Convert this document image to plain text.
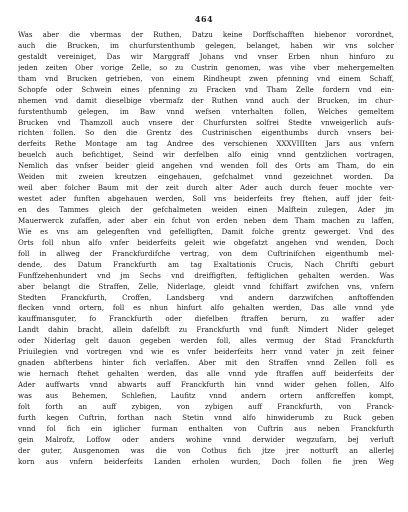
464
Was aber die vbermas der Ruthen, Datzu keine Dorffschafften hiebenor vorordnet,
auch die Brucken, im churfurstenthumb gelegen, belanget, haben wir vns solcher
gestaldt vereiniget, Das wir Marggraff Johans vnd vnser Erben nhun hinfuro zu
jeden zeiten Ober vorige Zelle, so zu Custrin genomen, was vihe vber mehergemelten
tham vnd Brucken getrieben, von einem Rindheupt zwen pfenning vnd einem Schaff,
Schopfe oder Schwein eines pfenning zu Fracken vnd Tham Zelle fordern vnd ein-
nhemen vnd damit dieselbige vbermafz der Ruthen vnnd auch der Brucken, im chur-
furstenthumb gelegen, im Baw vnnd wefsen vnterhalten follen, Welches gemeltem
Brucken vnd Thamzoll auch vnsere der Churfursten solfrei Stedte vnweigerlich aufs-
richten follen. So den die Grentz des Custrinischen eigenthumbs durch vnsers bei-
derfeits Rethe Montage am tag Andree des verschienen XXXVIIIten Jars aus vnfern
beuelch auch befichtiget, Seind wir derfelben alfo einig vnnd gentzlichen vortragen,
Nemlich das vnfser beider gleid angehen vnd wenden foll des Orts am Tham, do ein
Weiden mit zweien kreutzen eingehauen, gefchalmet vnnd gezeichnet worden. Da
weil aber folcher Baum mit der zeit durch alter Ader auch durch feuer mochte ver-
westet ader funften abgehauen werden, Soll vns beiderfeits frey ftehen, auff jder feit-
en des Tammes gleich der gefchalmeten weiden einen Malftein zulegen, Ader jm
Mauerwerck zufaffen, ader aber ein fchut von erden neben dem Tham machen zu laffen,
Wie es vns am gelegenften vnd gefelligften, Damit folche grentz gewerget. Vnd des
Orts foll nhun alfo vnfer beiderfeits geleit wie obgefatzt angehen vnd wenden, Doch
foll in allweg der Franckfurdifche vertrag, von dem Cuftrinifchen eigenthumb mel-
dende, des Datum Franckfurth am tag Exaltationis Crucis, Nach Chrifti geburt
Funffzehenhundert vnd jm Sechs vnd dreiffigften, feftiglichen gehalten werden. Was
aber belangt die Straffen, Zelle, Niderlage, gleidt vnnd fchiffart zwifchen vns, vnfern
Stedten Franckfurth, Croffen, Landsberg vnd andern darzwifchen anftoffenden
flecken vnnd ortern, foll es nhun hinfurt alfo gehalten werden, Das alle vnnd yde
kauffmansguter, fo Franckfurth oder diefelben ftraffen berurn, zu waffer ader
Landt dahin bracht, allein dafelbft zu Franckfurth vnd funft Nimdert Nider geleget
oder Niderlag gelt dauon gegeben werden foll, alles vermug der Stad Franckfurth
Priuilegien vnd vortregen vnd wie es vnfer beiderfeits herr vnnd vater jn zeit feiner
gnaden abfterbens hinter fich verlaffen. Aber mit den Straffen vnnd Zellen foll es
wie hernach ftehet gehalten werden, das alle vnnd yde ftraffen auff beiderfeits der
Ader auffwarts vnnd abwarts auff Franckfurth hin vnnd wider gehen follen, Alfo
was aus Behemen, Schlefien, Laufitz vnnd andern ortern anffcreffen kompt,
folt forth an auff zybigen, von zybigen auff Franckfurth, von Franck-
furth kegen Cuftrin, forthan nach Stetin vnnd alfo hinwiderumb zu Ruck geben
vnnd fol fich ein iglicher furman enthalten von Cuftrin aus neben Franckfurth
gein Malrofz, Loffow oder anders wohine vnnd derwider wegzufarn, bej verluft
der guter, Ausgenomen was die von Cotbus fich jtze jrer notturft an allerlej
korn aus vnfern beiderfeits Landen erholen wurden, Doch follen fie jren Weg
